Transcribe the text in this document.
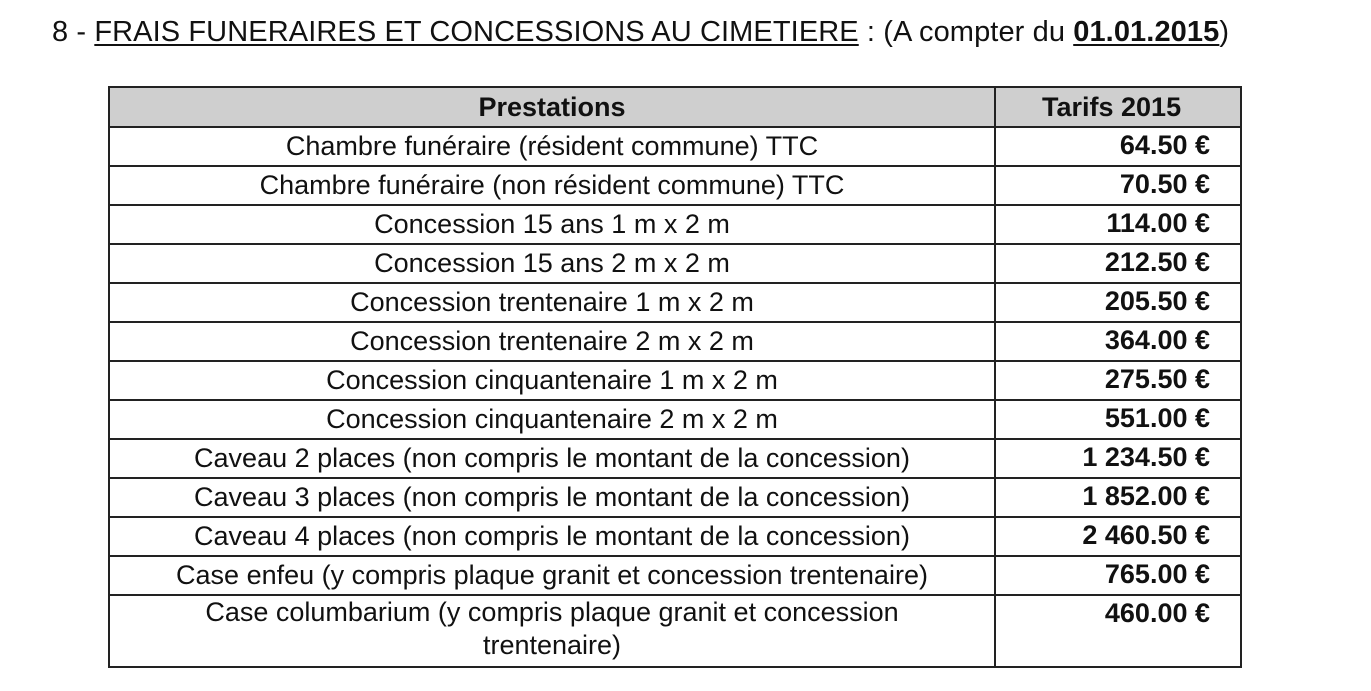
8 - FRAIS FUNERAIRES ET CONCESSIONS AU CIMETIERE : (A compter du 01.01.2015)
Prestations	Tarifs 2015
Chambre funéraire (résident commune) TTC	64.50 €
Chambre funéraire (non résident commune) TTC	70.50 €
Concession 15 ans 1 m x 2 m	114.00 €
Concession 15 ans 2 m x 2 m	212.50 €
Concession trentenaire 1 m x 2 m	205.50 €
Concession trentenaire 2 m x 2 m	364.00 €
Concession cinquantenaire 1 m x 2 m	275.50 €
Concession cinquantenaire 2 m x 2 m	551.00 €
Caveau 2 places (non compris le montant de la concession)	1 234.50 €
Caveau 3 places (non compris le montant de la concession)	1 852.00 €
Caveau 4 places (non compris le montant de la concession)	2 460.50 €
Case enfeu (y compris plaque granit et concession trentenaire)	765.00 €
Case columbarium (y compris plaque granit et concession trentenaire)	460.00 €
